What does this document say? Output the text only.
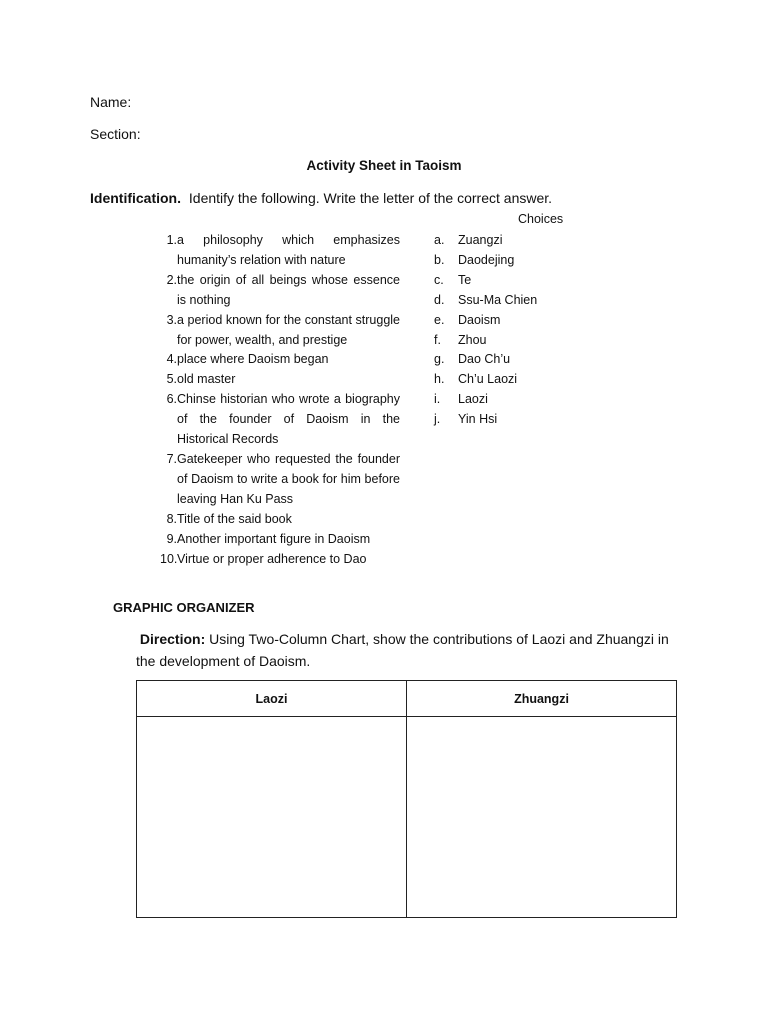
Name:
Section:
Activity Sheet in Taoism
Identification. Identify the following. Write the letter of the correct answer.
Choices
1. a philosophy which emphasizes humanity’s relation with nature
2. the origin of all beings whose essence is nothing
3. a period known for the constant struggle for power, wealth, and prestige
4. place where Daoism began
5. old master
6. Chinse historian who wrote a biography of the founder of Daoism in the Historical Records
7. Gatekeeper who requested the founder of Daoism to write a book for him before leaving Han Ku Pass
8. Title of the said book
9. Another important figure in Daoism
10. Virtue or proper adherence to Dao
a.	Zuangzi
b.	Daodejing
c.	Te
d.	Ssu-Ma Chien
e.	Daoism
f.	Zhou
g.	Dao Ch’u
h.	Ch’u Laozi
i.	Laozi
j.	Yin Hsi
GRAPHIC ORGANIZER
Direction: Using Two-Column Chart, show the contributions of Laozi and Zhuangzi in the development of Daoism.
Laozi	Zhuangzi
